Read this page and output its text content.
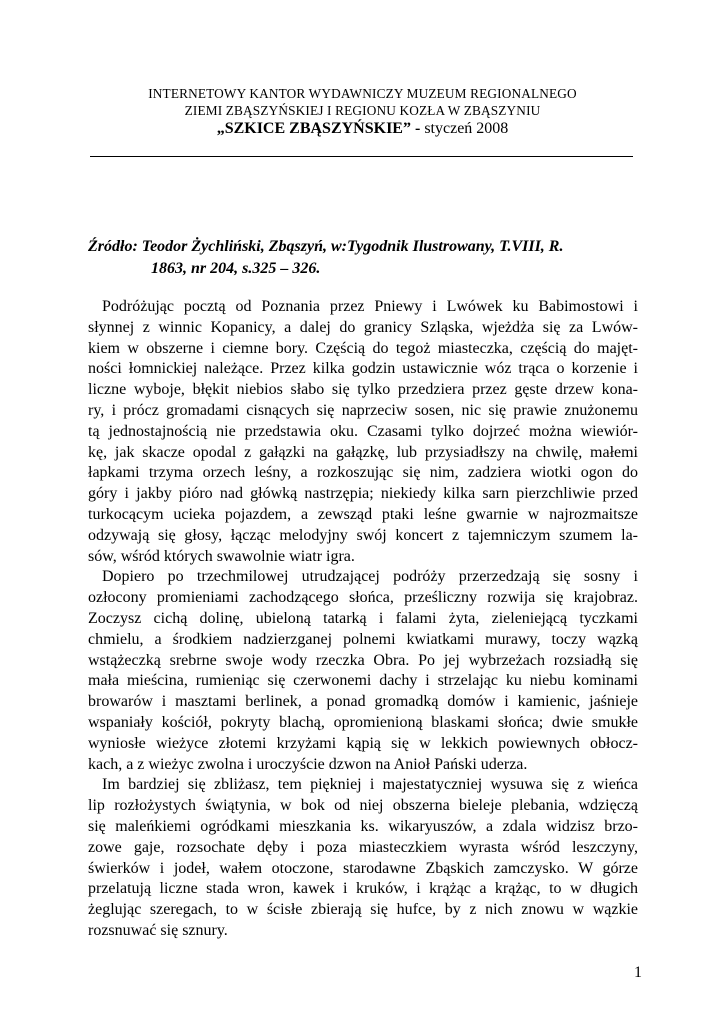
INTERNETOWY KANTOR WYDAWNICZY MUZEUM REGIONALNEGO
ZIEMI ZBĄSZYŃSKIEJ I REGIONU KOZŁA W ZBĄSZYNIU
„SZKICE ZBĄSZYŃSKIE” - styczeń 2008
Źródło: Teodor Żychliński, Zbąszyń, w:Tygodnik Ilustrowany, T.VIII, R.
1863, nr 204, s.325 – 326.

Podróżując pocztą od Poznania przez Pniewy i Lwówek ku Babimostowi i
słynnej z winnic Kopanicy, a dalej do granicy Szląska, wjeżdża się za Lwów-
kiem w obszerne i ciemne bory. Częścią do tegoż miasteczka, częścią do majęt-
ności łomnickiej należące. Przez kilka godzin ustawicznie wóz trąca o korzenie i
liczne wyboje, błękit niebios słabo się tylko przedziera przez gęste drzew kona-
ry, i prócz gromadami cisnących się naprzeciw sosen, nic się prawie znużonemu
tą jednostajnością nie przedstawia oku. Czasami tylko dojrzeć można wiewiór-
kę, jak skacze opodal z gałązki na gałązkę, lub przysiadłszy na chwilę, małemi
łapkami trzyma orzech leśny, a rozkoszując się nim, zadziera wiotki ogon do
góry i jakby pióro nad główką nastrzępia; niekiedy kilka sarn pierzchliwie przed
turkocącym ucieka pojazdem, a zewsząd ptaki leśne gwarnie w najrozmaitsze
odzywają się głosy, łącząc melodyjny swój koncert z tajemniczym szumem la-
sów, wśród których swawolnie wiatr igra.

Dopiero po trzechmilowej utrudzającej podróży przerzedzają się sosny i
ozłocony promieniami zachodzącego słońca, prześliczny rozwija się krajobraz.
Zoczysz cichą dolinę, ubieloną tatarką i falami żyta, zieleniejącą tyczkami
chmielu, a środkiem nadzierzganej polnemi kwiatkami murawy, toczy wązką
wstążeczką srebrne swoje wody rzeczka Obra. Po jej wybrzeżach rozsiadłą się
mała mieścina, rumieniąc się czerwonemi dachy i strzelając ku niebu kominami
browarów i masztami berlinek, a ponad gromadką domów i kamienic, jaśnieje
wspaniały kościół, pokryty blachą, opromienioną blaskami słońca; dwie smukłe
wyniosłe wieżyce złotemi krzyżami kąpią się w lekkich powiewnych obłocz-
kach, a z wieżyc zwolna i uroczyście dzwon na Anioł Pański uderza.

Im bardziej się zbliżasz, tem piękniej i majestatyczniej wysuwa się z wieńca
lip rozłożystych świątynia, w bok od niej obszerna bieleje plebania, wdzięczą
się maleńkiemi ogródkami mieszkania ks. wikaryuszów, a zdala widzisz brzo-
zowe gaje, rozsochate dęby i poza miasteczkiem wyrasta wśród leszczyny,
świerków i jodeł, wałem otoczone, starodawne Zbąskich zamczysko. W górze
przelatują liczne stada wron, kawek i kruków, i krążąc a krążąc, to w długich
żeglując szeregach, to w ścisłe zbierają się hufce, by z nich znowu w wązkie
rozsnuwać się sznury.

1
